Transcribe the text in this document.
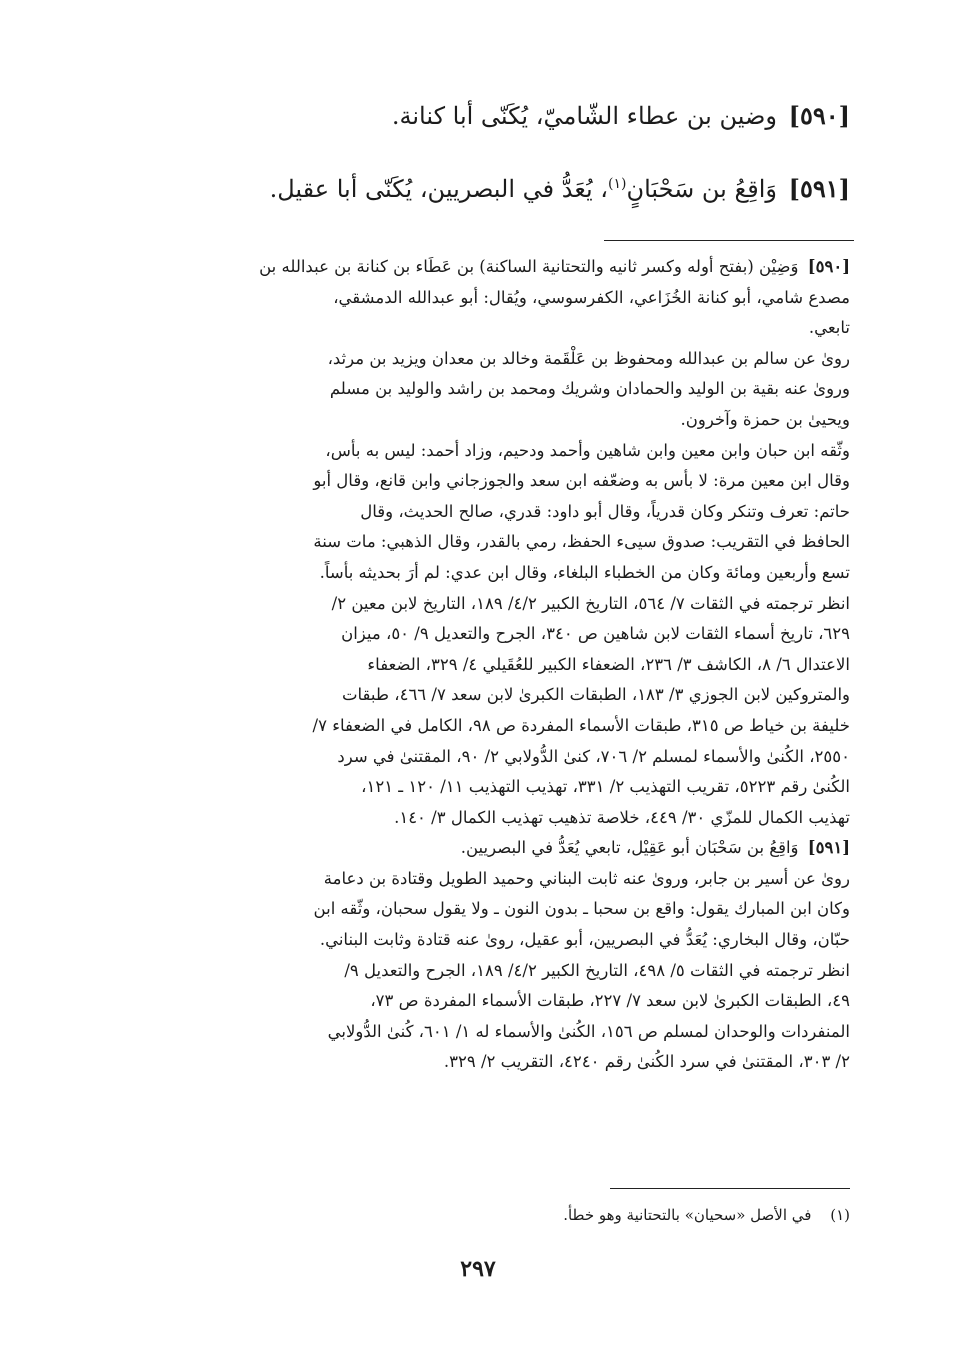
[٥٩٠] وضين بن عطاء الشّاميّ، يُكَنّى أبا كنانة.
[٥٩١] وَاقِعُ بن سَحْبَانٍ$^{(١)}$، يُعَدُّ في البصريين، يُكَنّى أبا عقيل.

[٥٩٠] وَضِيْن (بفتح أوله وكسر ثانيه والتحتانية الساكنة) بن عَطَاء بن كنانة بن عبدالله بن

مصدع شامي، أبو كنانة الخُزَاعي، الكفرسوسي، ويُقال: أبو عبدالله الدمشقي،

تابعي.

روىٰ عن سالم بن عبدالله ومحفوظ بن عَلْقَمة وخالد بن معدان ويزيد بن مرثد،

وروىٰ عنه بقية بن الوليد والحمادان وشريك ومحمد بن راشد والوليد بن مسلم

ويحيىٰ بن حمزة وآخرون.

وثّقه ابن حبان وابن معين وابن شاهين وأحمد ودحيم، وزاد أحمد: ليس به بأس،

وقال ابن معين مرة: لا بأس به وضعّفه ابن سعد والجوزجاني وابن قانع، وقال أبو

حاتم: تعرف وتنكر وكان قدرياً، وقال أبو داود: قدري، صالح الحديث، وقال

الحافظ في التقريب: صدوق سيىء الحفظ، رمي بالقدر، وقال الذهبي: مات سنة

تسع وأربعين ومائة وكان من الخطباء البلغاء، وقال ابن عدي: لم أرَ بحديثه بأساً.

انظر ترجمته في الثقات ٧/ ٥٦٤، التاريخ الكبير ٤/٢/ ١٨٩، التاريخ لابن معين ٢/

٦٢٩، تاريخ أسماء الثقات لابن شاهين ص ٣٤٠، الجرح والتعديل ٩/ ٥٠، ميزان

الاعتدال ٦/ ٨، الكاشف ٣/ ٢٣٦، الضعفاء الكبير للعُقَيلي ٤/ ٣٢٩، الضعفاء

والمتروكين لابن الجوزي ٣/ ١٨٣، الطبقات الكبرىٰ لابن سعد ٧/ ٤٦٦، طبقات

خليفة بن خياط ص ٣١٥، طبقات الأسماء المفردة ص ٩٨، الكامل في الضعفاء ٧/

٢٥٥٠، الكُنىٰ والأسماء لمسلم ٢/ ٧٠٦، كنىٰ الدُّولابي ٢/ ٩٠، المقتنىٰ في سرد

الكُنىٰ رقم ٥٢٢٣، تقريب التهذيب ٢/ ٣٣١، تهذيب التهذيب ١١/ ١٢٠ ـ ١٢١،

تهذيب الكمال للمزّي ٣٠/ ٤٤٩، خلاصة تذهيب تهذيب الكمال ٣/ ١٤٠.

[٥٩١] وَاقِعُ بن سَحْبَان أبو عَقِيْل، تابعي يُعَدُّ في البصريين.

روىٰ عن أسير بن جابر، وروىٰ عنه ثابت البناني وحميد الطويل وقتادة بن دعامة

وكان ابن المبارك يقول: واقع بن سحبا ـ بدون النون ـ ولا يقول سحبان، وثّقه ابن

حبّان، وقال البخاري: يُعَدُّ في البصريين، أبو عقيل، روىٰ عنه قتادة وثابت البناني.

انظر ترجمته في الثقات ٥/ ٤٩٨، التاريخ الكبير ٤/٢/ ١٨٩، الجرح والتعديل ٩/

٤٩، الطبقات الكبرىٰ لابن سعد ٧/ ٢٢٧، طبقات الأسماء المفردة ص ٧٣،

المنفردات والوحدان لمسلم ص ١٥٦، الكُنىٰ والأسماء له ١/ ٦٠١، كُنىٰ الدُّولابي

٢/ ٣٠٣، المقتنىٰ في سرد الكُنىٰ رقم ٤٢٤٠، التقريب ٢/ ٣٢٩.

(١) في الأصل «سحيان» بالتحتانية وهو خطأ.
٢٩٧
